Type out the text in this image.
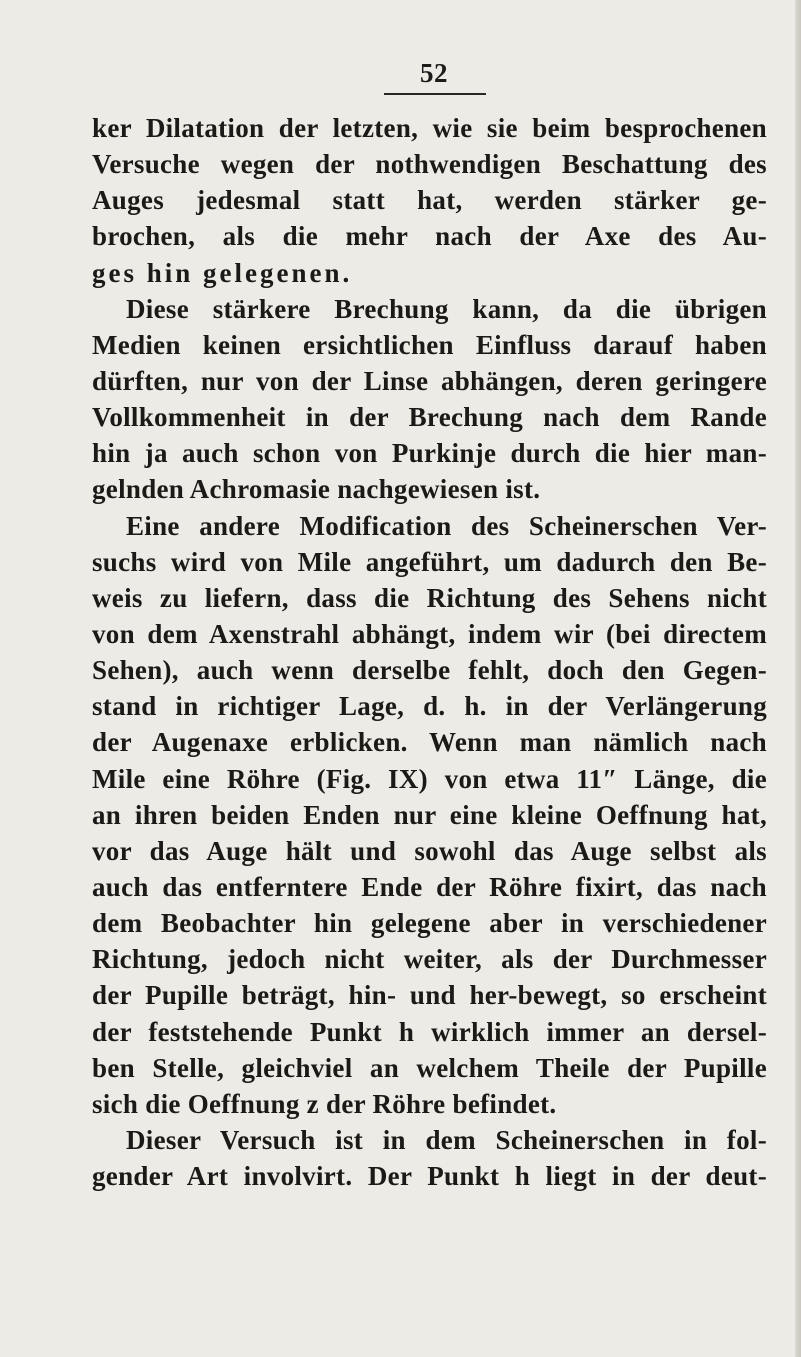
52
ker Dilatation der letzten, wie sie beim besprochenen
Versuche wegen der nothwendigen Beschattung des
Auges jedesmal statt hat, werden stärker ge-
brochen, als die mehr nach der Axe des Au-
ges hin gelegenen.
Diese stärkere Brechung kann, da die übrigen
Medien keinen ersichtlichen Einfluss darauf haben
dürften, nur von der Linse abhängen, deren geringere
Vollkommenheit in der Brechung nach dem Rande
hin ja auch schon von Purkinje durch die hier man-
gelnden Achromasie nachgewiesen ist.
Eine andere Modification des Scheinerschen Ver-
suchs wird von Mile angeführt, um dadurch den Be-
weis zu liefern, dass die Richtung des Sehens nicht
von dem Axenstrahl abhängt, indem wir (bei directem
Sehen), auch wenn derselbe fehlt, doch den Gegen-
stand in richtiger Lage, d. h. in der Verlängerung
der Augenaxe erblicken. Wenn man nämlich nach
Mile eine Röhre (Fig. IX) von etwa 11″ Länge, die
an ihren beiden Enden nur eine kleine Oeffnung hat,
vor das Auge hält und sowohl das Auge selbst als
auch das entferntere Ende der Röhre fixirt, das nach
dem Beobachter hin gelegene aber in verschiedener
Richtung, jedoch nicht weiter, als der Durchmesser
der Pupille beträgt, hin- und her-bewegt, so erscheint
der feststehende Punkt h wirklich immer an dersel-
ben Stelle, gleichviel an welchem Theile der Pupille
sich die Oeffnung z der Röhre befindet.
Dieser Versuch ist in dem Scheinerschen in fol-
gender Art involvirt. Der Punkt h liegt in der deut-
